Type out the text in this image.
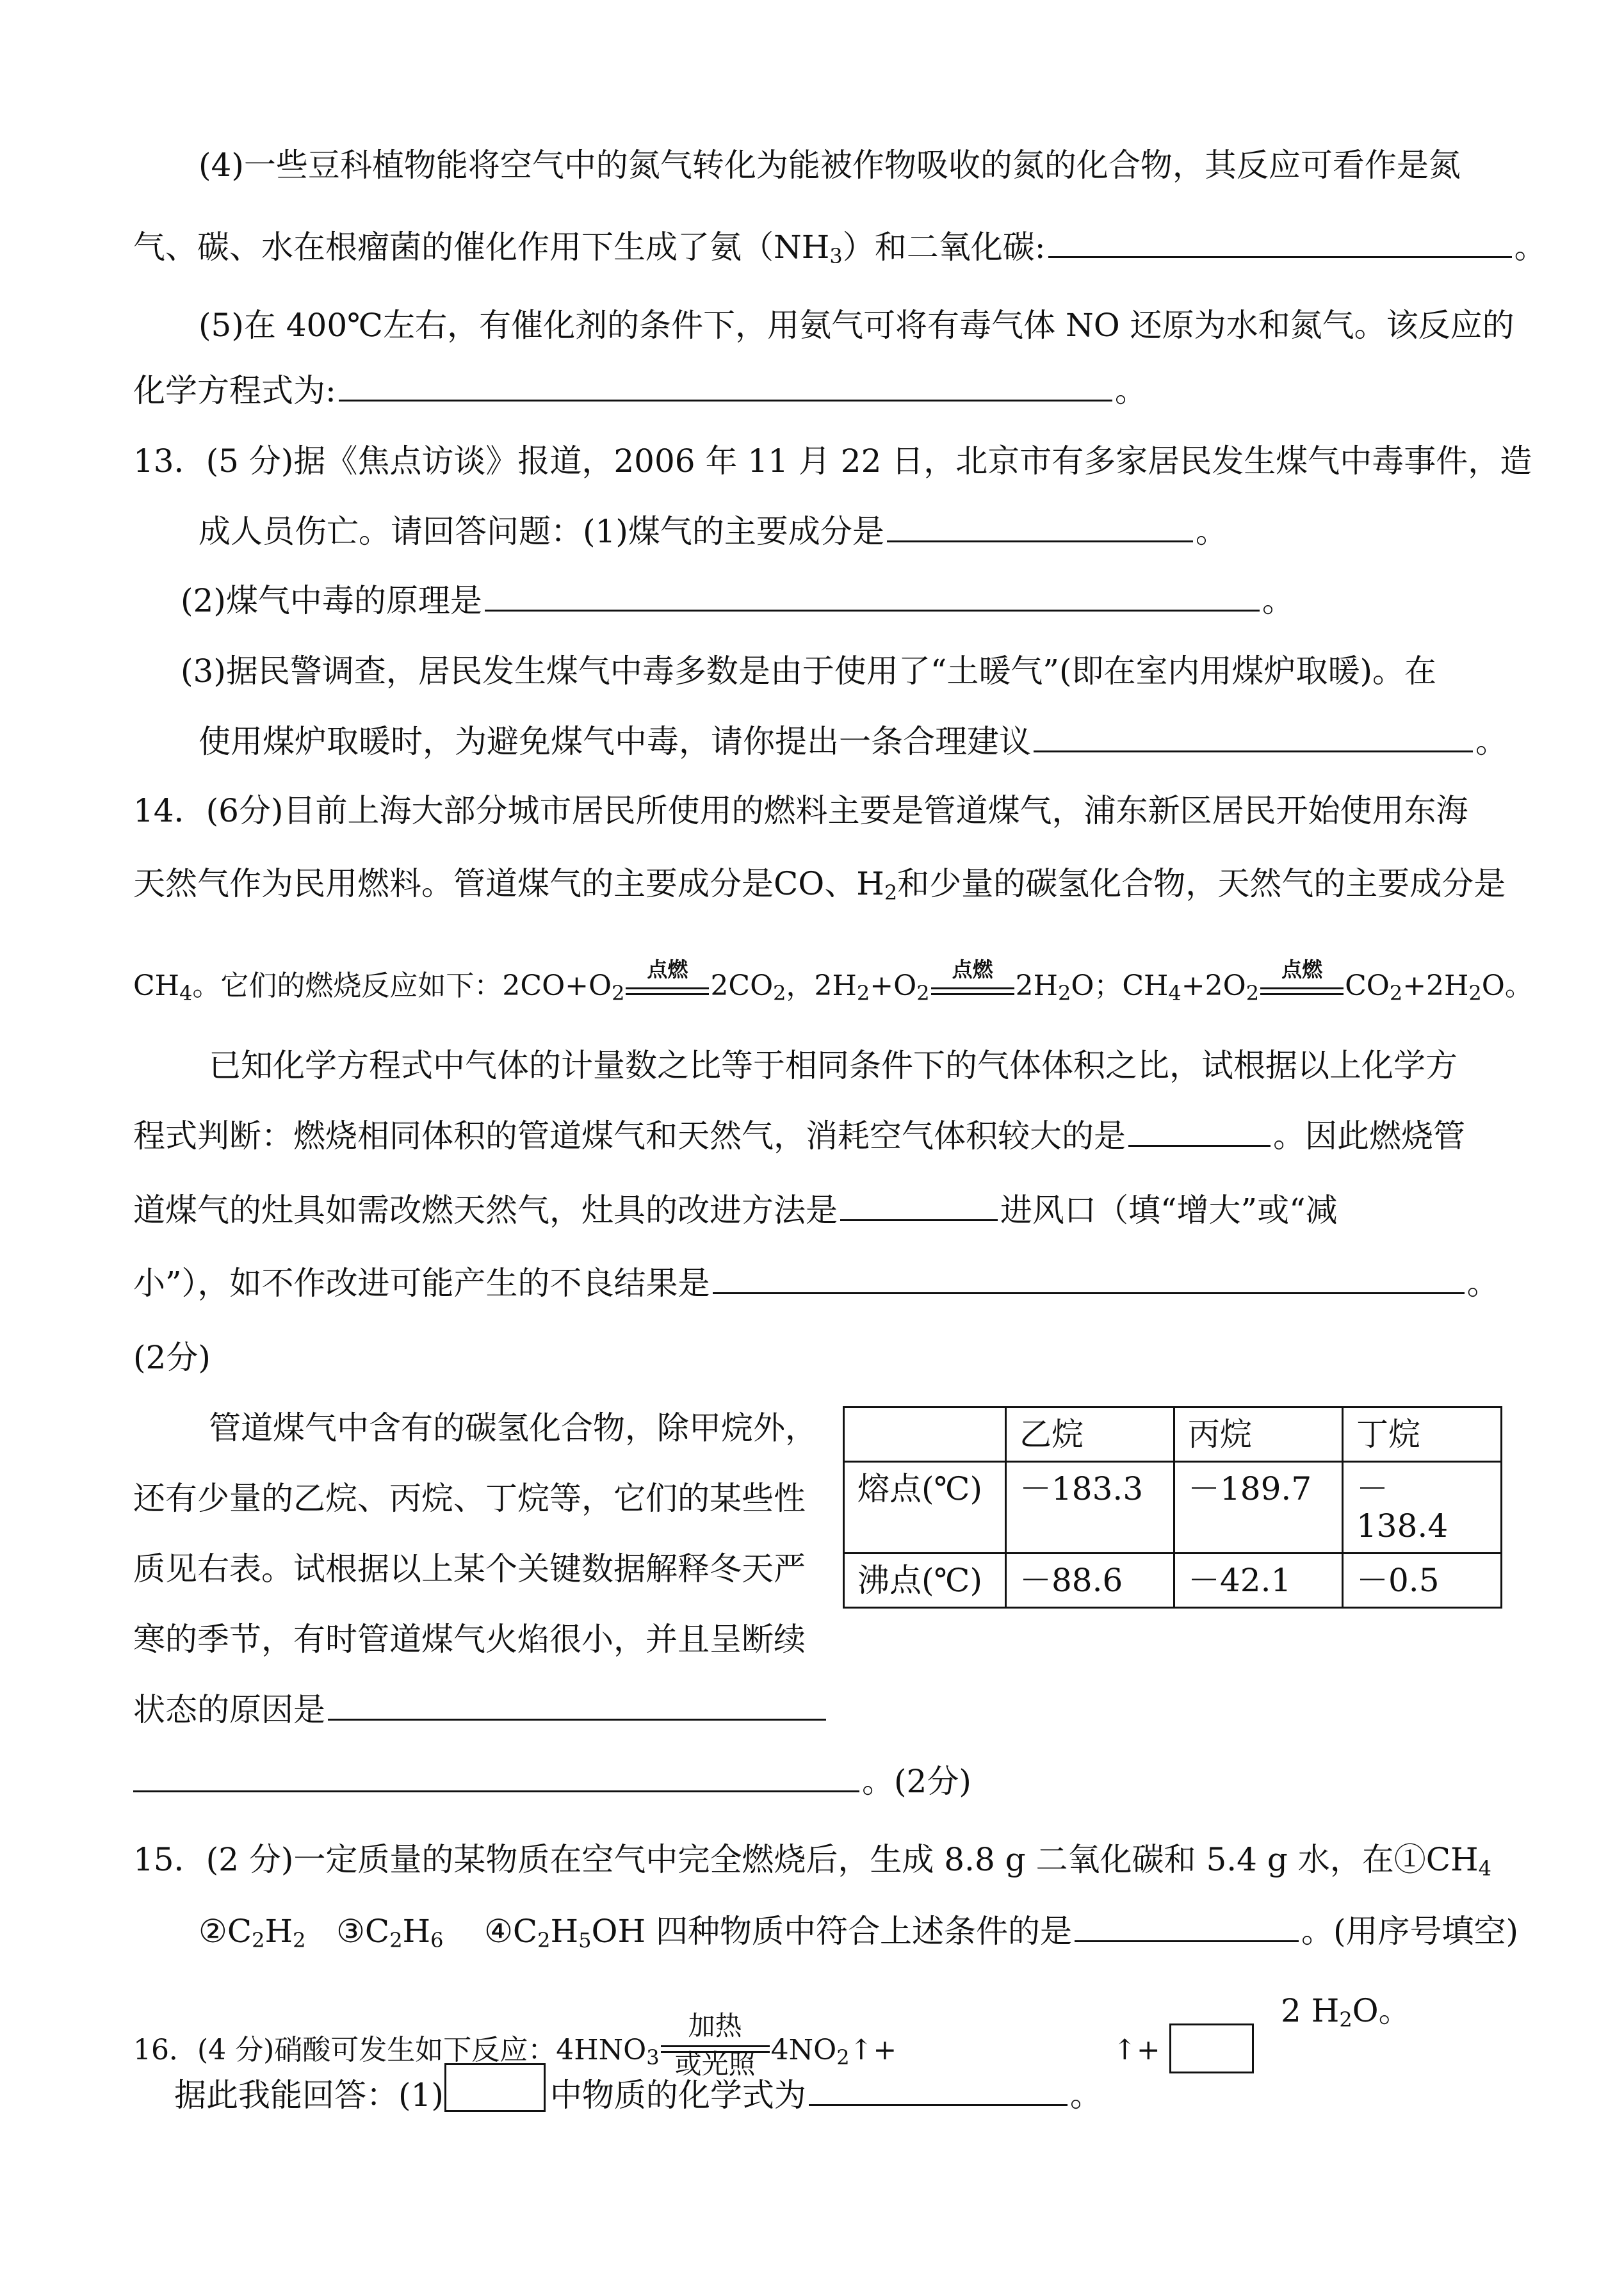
(4)一些豆科植物能将空气中的氮气转化为能被作物吸收的氮的化合物，其反应可看作是氮
气、碳、水在根瘤菌的催化作用下生成了氨$(NH_3)$和二氧化碳:	。
(5)在 400℃左右，有催化剂的条件下，用氨气可将有毒气体 NO 还原为水和氮气。该反应的
化学方程式为:	。
13．(5 分)据《焦点访谈》报道，2006 年 11 月 22 日，北京市有多家居民发生煤气中毒事件，造
成人员伤亡。请回答问题：(1)煤气的主要成分是	。
(2)煤气中毒的原理是	。
(3)据民警调查，居民发生煤气中毒多数是由于使用了“土暖气”(即在室内用煤炉取暖)。在
使用煤炉取暖时，为避免煤气中毒，请你提出一条合理建议	。
14．(6分)目前上海大部分城市居民所使用的燃料主要是管道煤气，浦东新区居民开始使用东海
天然气作为民用燃料。管道煤气的主要成分是CO、$H_2$和少量的碳氢化合物，天然气的主要成分是
$CH_4$。它们的燃烧反应如下：$2CO+O_2$
点燃 $2CO_2$，$2H_2+O_2$
点燃 $2H_2O$；$CH_4+2O_2$
点燃 $CO_2+2H_2O$。
已知化学方程式中气体的计量数之比等于相同条件下的气体体积之比，试根据以上化学方
程式判断：燃烧相同体积的管道煤气和天然气，消耗空气体积较大的是	。因此燃烧管
道煤气的灶具如需改燃天然气，灶具的改进方法是	进风口（填“增大”或“减
小”），如不作改进可能产生的不良结果是	。
(2分)
管道煤气中含有的碳氢化合物，除甲烷外，
还有少量的乙烷、丙烷、丁烷等，它们的某些性
质见右表。试根据以上某个关键数据解释冬天严
寒的季节，有时管道煤气火焰很小，并且呈断续
状态的原因是
。(2分)
	乙烷	丙烷	丁烷
熔点(℃)	－183.3	－189.7	－
138.4
沸点(℃)	－88.6	－42.1	－0.5
15．(2 分)一定质量的某物质在空气中完全燃烧后，生成 8.8 g 二氧化碳和 5.4 g 水，在$①CH_4$
$②C_2H_2$   $③C_2H_6$    $④C_2H_5OH$ 四种物质中符合上述条件的是	。(用序号填空)
2 $H_2O$。
16．(4 分)硝酸可发生如下反应：$4HNO_3$
加热
或光照 $4NO_2↑+$	↑+
据此我能回答：(1)	中物质的化学式为	。
